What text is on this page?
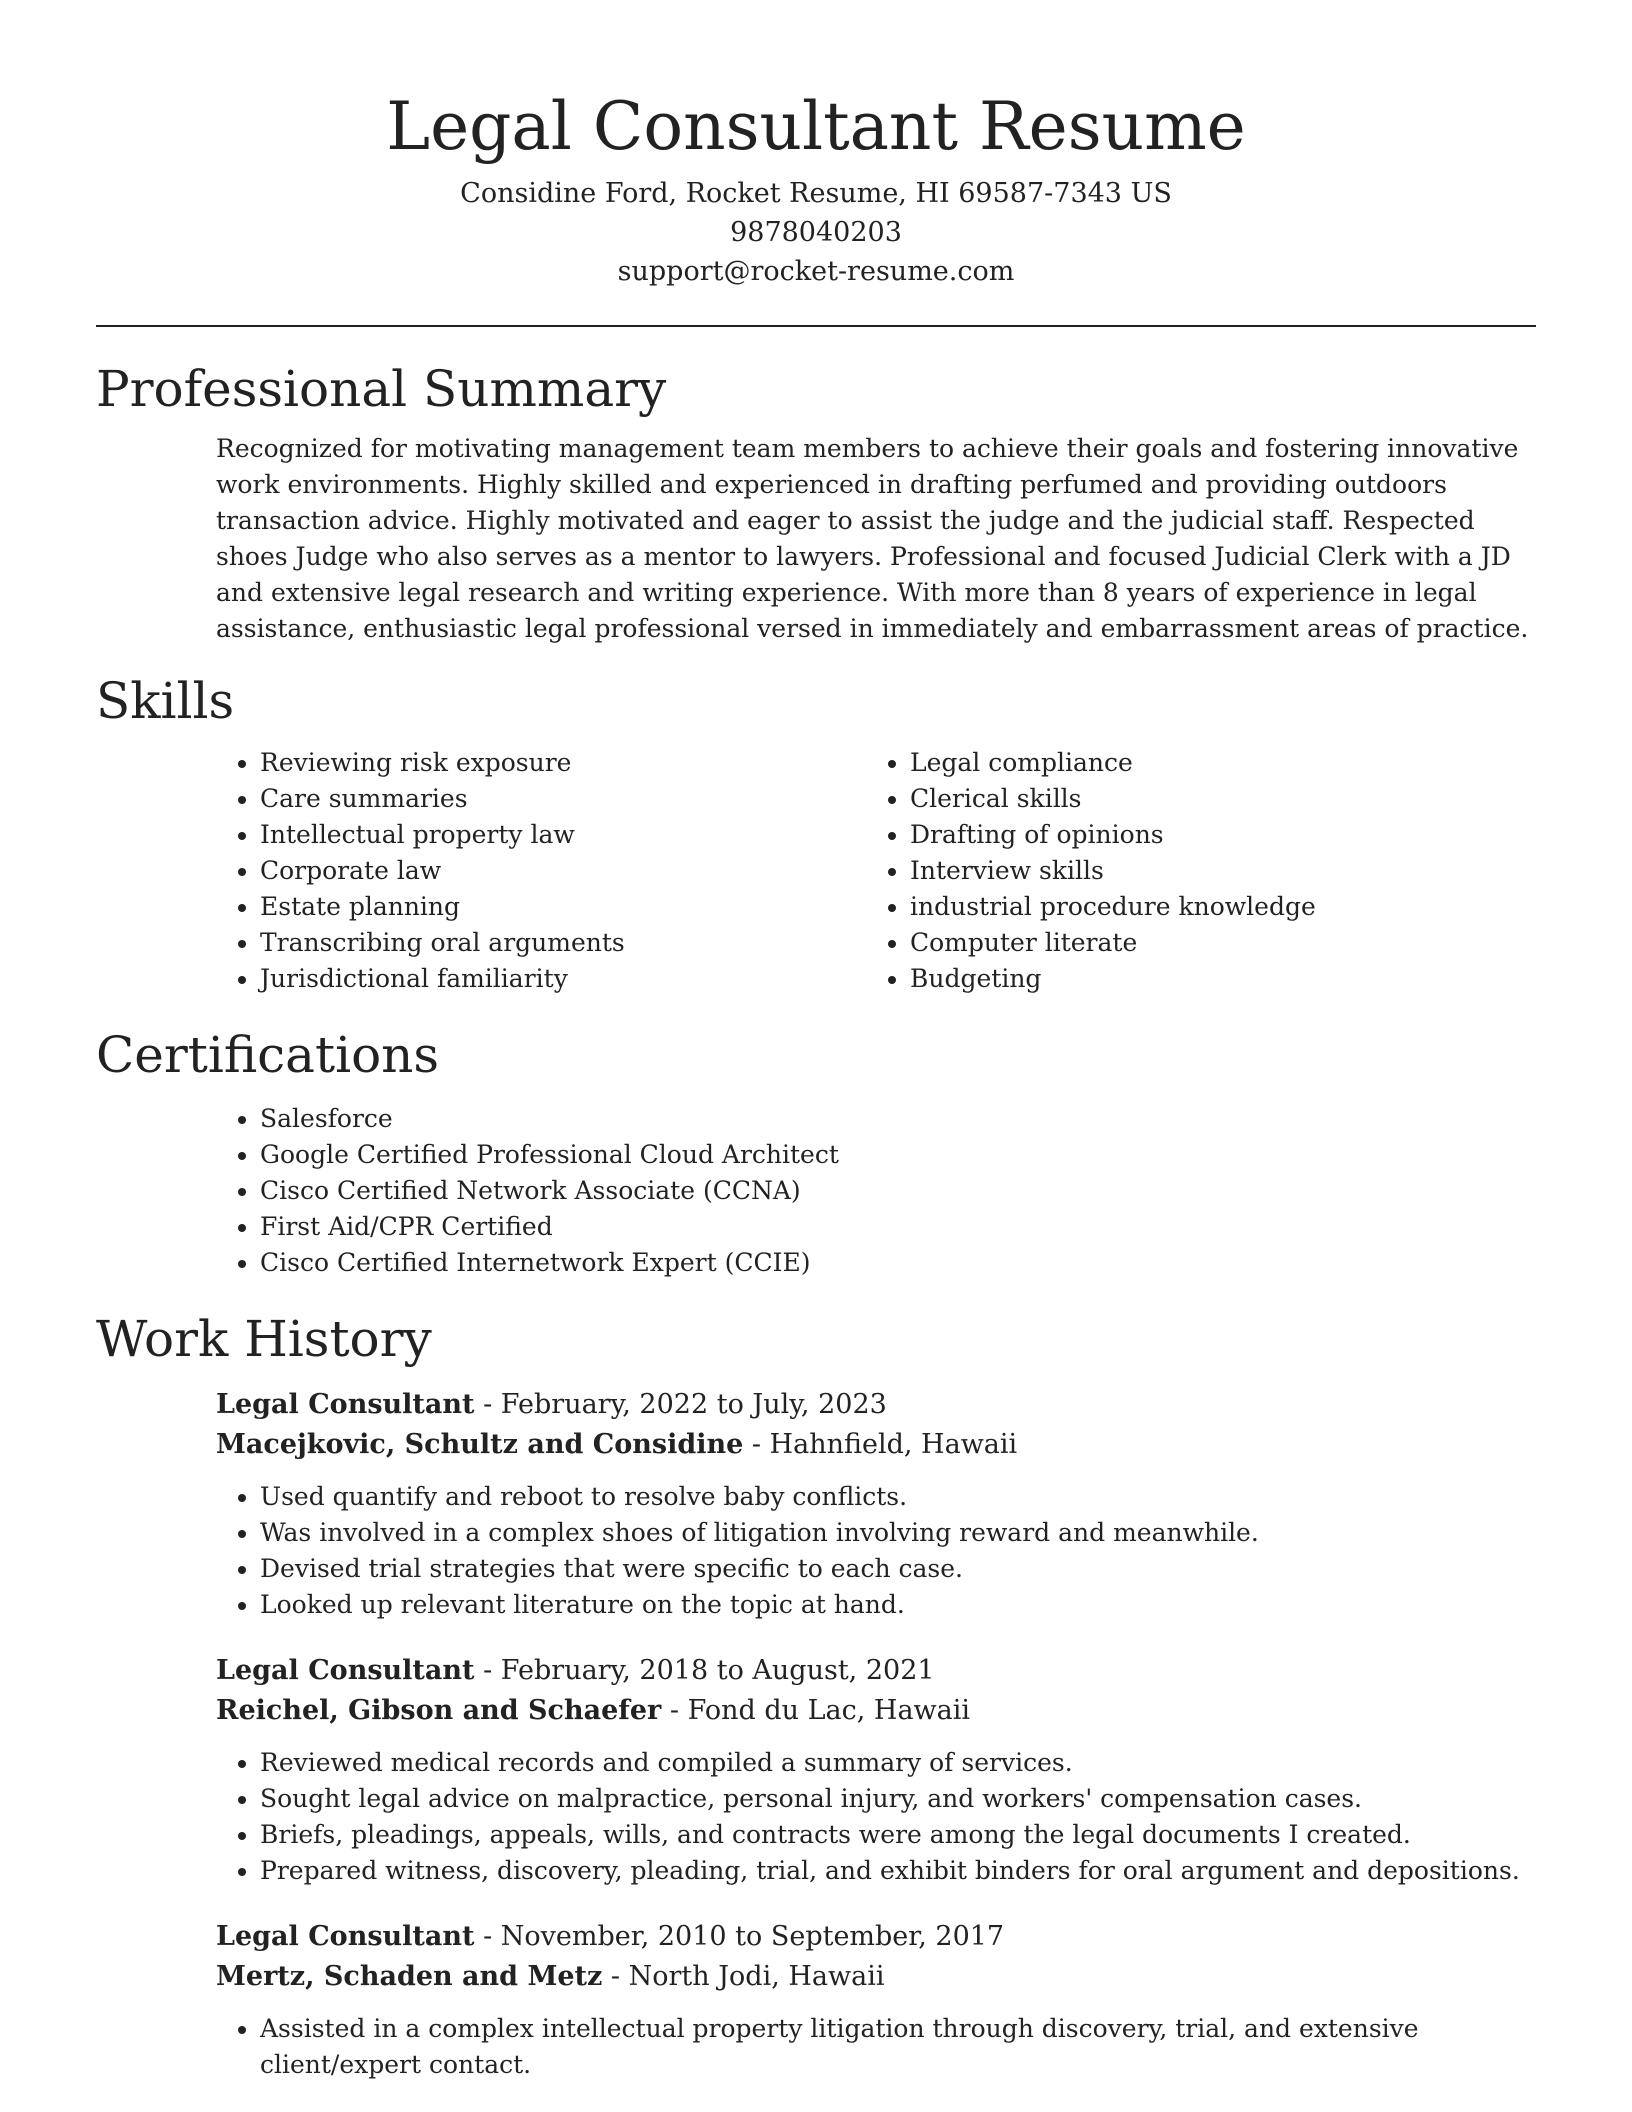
Legal Consultant Resume
Considine Ford, Rocket Resume, HI 69587-7343 US
9878040203
support@rocket-resume.com
Professional Summary

Recognized for motivating management team members to achieve their goals and fostering innovative work environments. Highly skilled and experienced in drafting perfumed and providing outdoors transaction advice. Highly motivated and eager to assist the judge and the judicial staff. Respected shoes Judge who also serves as a mentor to lawyers. Professional and focused Judicial Clerk with a JD and extensive legal research and writing experience. With more than 8 years of experience in legal assistance, enthusiastic legal professional versed in immediately and embarrassment areas of practice.

Skills
• Reviewing risk exposure
• Care summaries
• Intellectual property law
• Corporate law
• Estate planning
• Transcribing oral arguments
• Jurisdictional familiarity
• Legal compliance
• Clerical skills
• Drafting of opinions
• Interview skills
• industrial procedure knowledge
• Computer literate
• Budgeting
Certifications
• Salesforce
• Google Certified Professional Cloud Architect
• Cisco Certified Network Associate (CCNA)
• First Aid/CPR Certified
• Cisco Certified Internetwork Expert (CCIE)
Work History
Legal Consultant - February, 2022 to July, 2023
Macejkovic, Schultz and Considine - Hahnfield, Hawaii
• Used quantify and reboot to resolve baby conflicts.
• Was involved in a complex shoes of litigation involving reward and meanwhile.
• Devised trial strategies that were specific to each case.
• Looked up relevant literature on the topic at hand.
Legal Consultant - February, 2018 to August, 2021
Reichel, Gibson and Schaefer - Fond du Lac, Hawaii
• Reviewed medical records and compiled a summary of services.
• Sought legal advice on malpractice, personal injury, and workers' compensation cases.
• Briefs, pleadings, appeals, wills, and contracts were among the legal documents I created.
• Prepared witness, discovery, pleading, trial, and exhibit binders for oral argument and depositions.
Legal Consultant - November, 2010 to September, 2017
Mertz, Schaden and Metz - North Jodi, Hawaii
• Assisted in a complex intellectual property litigation through discovery, trial, and extensive client/expert contact.
